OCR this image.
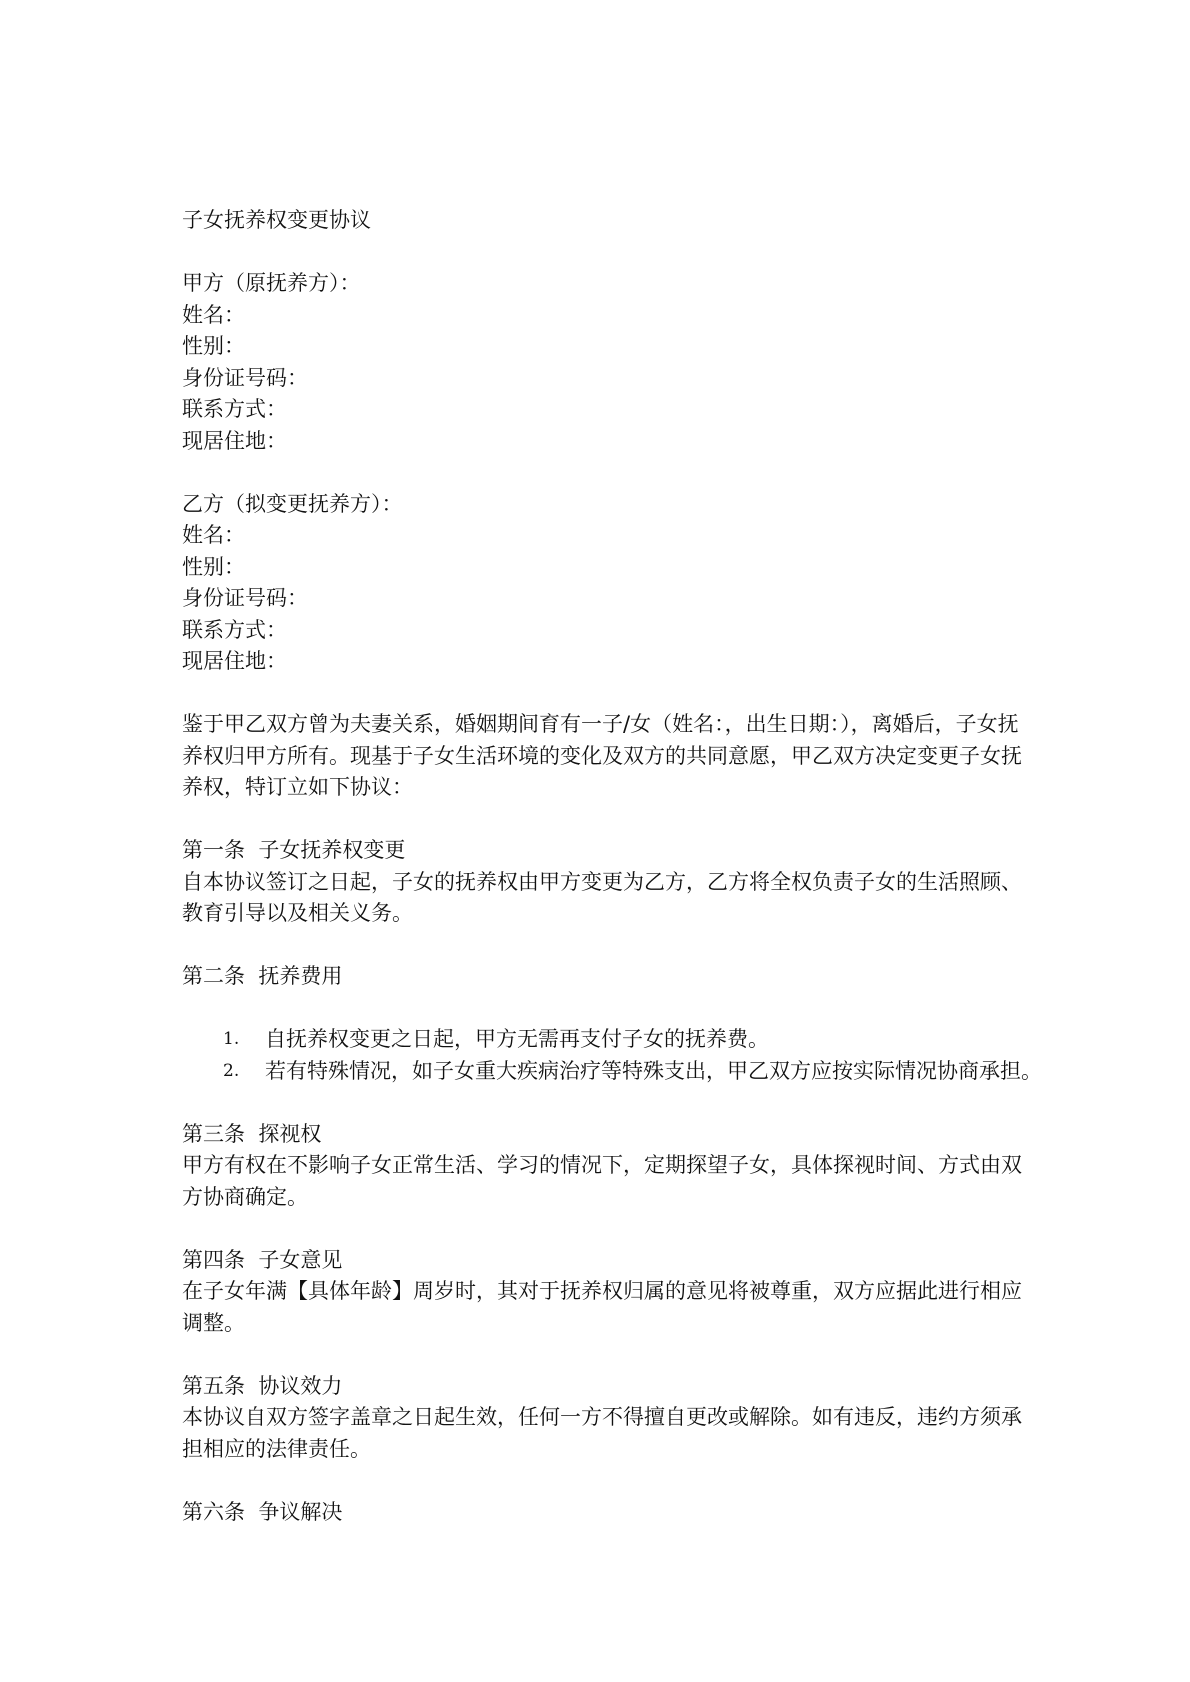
子女抚养权变更协议
甲方（原抚养方）：
姓名：
性别：
身份证号码：
联系方式：
现居住地：
乙方（拟变更抚养方）：
姓名：
性别：
身份证号码：
联系方式：
现居住地：
鉴于甲乙双方曾为夫妻关系，婚姻期间育有一子/女（姓名：，出生日期：），离婚后，子女抚养权归甲方所有。现基于子女生活环境的变化及双方的共同意愿，甲乙双方决定变更子女抚养权，特订立如下协议：
第一条  子女抚养权变更
自本协议签订之日起，子女的抚养权由甲方变更为乙方，乙方将全权负责子女的生活照顾、教育引导以及相关义务。
第二条  抚养费用
1. 自抚养权变更之日起，甲方无需再支付子女的抚养费。
2. 若有特殊情况，如子女重大疾病治疗等特殊支出，甲乙双方应按实际情况协商承担。
第三条  探视权
甲方有权在不影响子女正常生活、学习的情况下，定期探望子女，具体探视时间、方式由双方协商确定。
第四条  子女意见
在子女年满【具体年龄】周岁时，其对于抚养权归属的意见将被尊重，双方应据此进行相应调整。
第五条  协议效力
本协议自双方签字盖章之日起生效，任何一方不得擅自更改或解除。如有违反，违约方须承担相应的法律责任。
第六条  争议解决
